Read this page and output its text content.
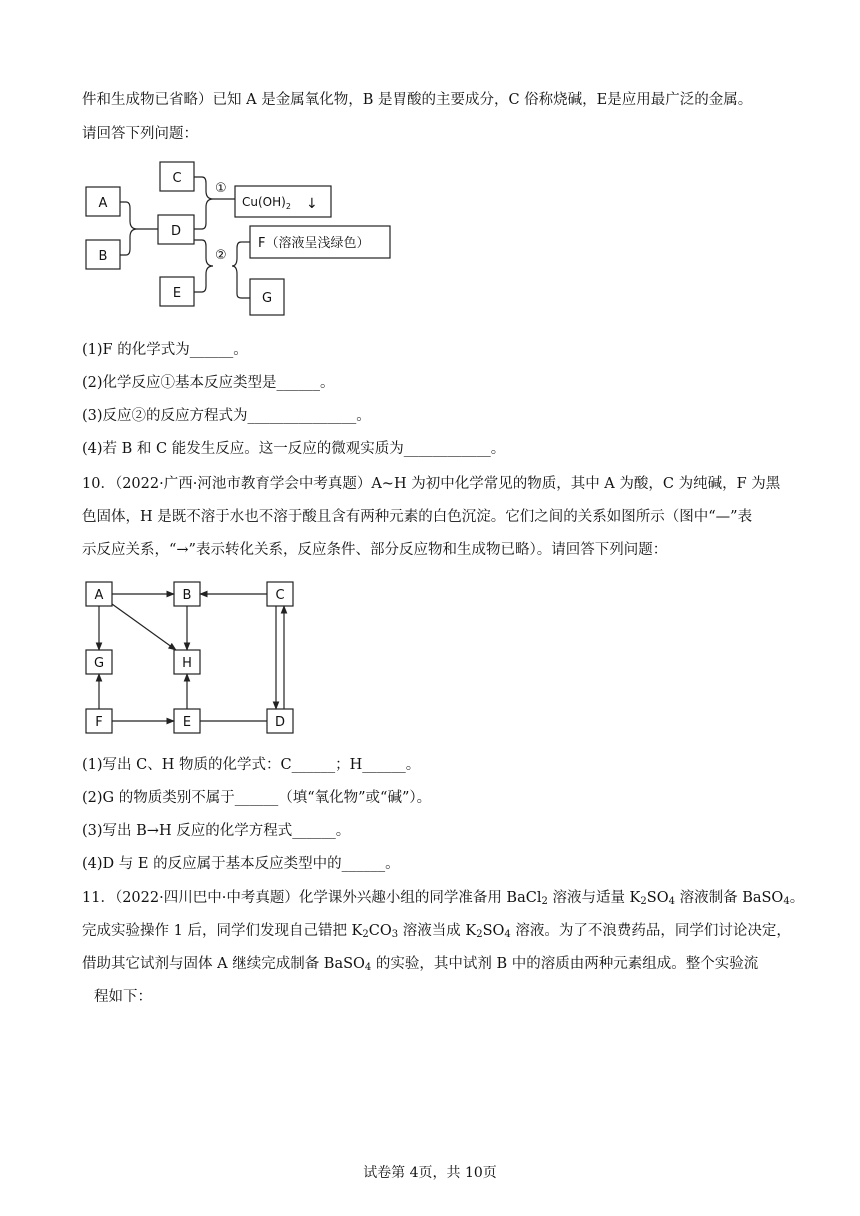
件和生成物已省略）已知 A 是金属氧化物，B 是胃酸的主要成分，C 俗称烧碱，E是应用最广泛的金属。
请回答下列问题：
A
B
C
D
E	G
①
②
$Cu(OH)_2$ ↓
F（溶液呈浅绿色）
(1)F 的化学式为______。
(2)化学反应①基本反应类型是______。
(3)反应②的反应方程式为_______________。
(4)若 B 和 C 能发生反应。这一反应的微观实质为____________。
10．（2022·广西·河池市教育学会中考真题）A~H 为初中化学常见的物质，其中 A 为酸，C 为纯碱，F 为黑
色固体，H 是既不溶于水也不溶于酸且含有两种元素的白色沉淀。它们之间的关系如图所示（图中“—”表
示反应关系，“→”表示转化关系，反应条件、部分反应物和生成物已略）。请回答下列问题：
A	B	C
G	H
F	E	D
(1)写出 C、H 物质的化学式：C______；H______。
(2)G 的物质类别不属于______（填“氧化物”或“碱”）。
(3)写出 B→H 反应的化学方程式______。
(4)D 与 E 的反应属于基本反应类型中的______。
11．（2022·四川巴中·中考真题）化学课外兴趣小组的同学准备用 BaCl$_2$ 溶液与适量 $K_2SO_4$ 溶液制备 BaSO$_4$。
完成实验操作 1 后，同学们发现自己错把 $K_2CO_3$ 溶液当成 $K_2SO_4$ 溶液。为了不浪费药品，同学们讨论决定，
借助其它试剂与固体 A 继续完成制备 BaSO$_4$ 的实验，其中试剂 B 中的溶质由两种元素组成。整个实验流
程如下：
试卷第 4页，共 10页
